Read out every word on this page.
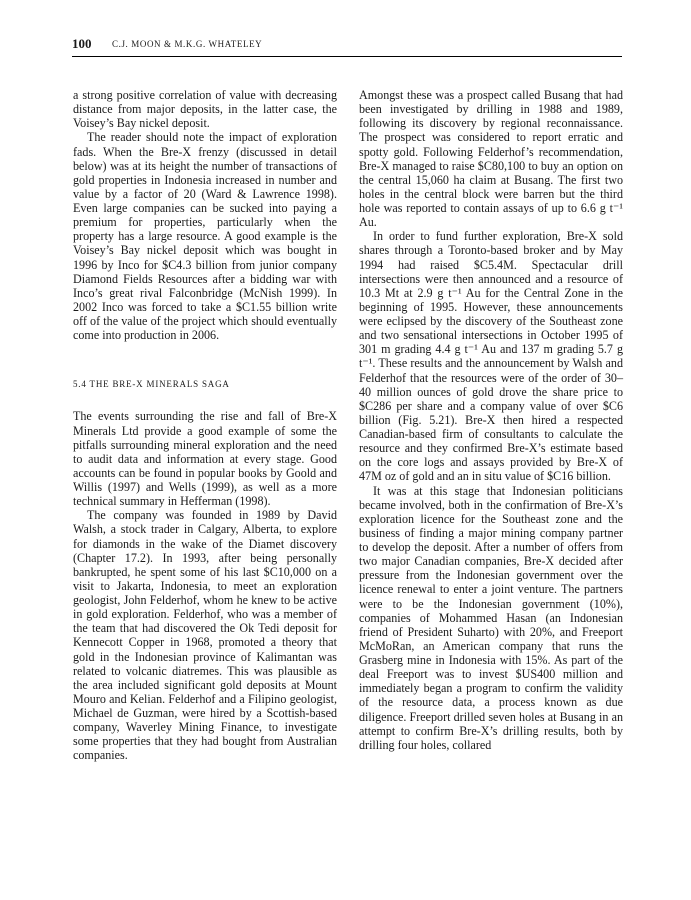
100 C.J. MOON & M.K.G. WHATELEY

a strong positive correlation of value with decreasing distance from major deposits, in the latter case, the Voisey’s Bay nickel deposit.

The reader should note the impact of exploration fads. When the Bre-X frenzy (discussed in detail below) was at its height the number of transactions of gold properties in Indonesia increased in number and value by a factor of 20 (Ward & Lawrence 1998). Even large companies can be sucked into paying a premium for properties, particularly when the property has a large resource. A good example is the Voisey’s Bay nickel deposit which was bought in 1996 by Inco for $C4.3 billion from junior company Diamond Fields Resources after a bidding war with Inco’s great rival Falconbridge (McNish 1999). In 2002 Inco was forced to take a $C1.55 billion write off of the value of the project which should eventually come into production in 2006.

5.4 THE BRE-X MINERALS SAGA

The events surrounding the rise and fall of Bre-X Minerals Ltd provide a good example of some the pitfalls surrounding mineral exploration and the need to audit data and information at every stage. Good accounts can be found in popular books by Goold and Willis (1997) and Wells (1999), as well as a more technical summary in Hefferman (1998).

The company was founded in 1989 by David Walsh, a stock trader in Calgary, Alberta, to explore for diamonds in the wake of the Diamet discovery (Chapter 17.2). In 1993, after being personally bankrupted, he spent some of his last $C10,000 on a visit to Jakarta, Indonesia, to meet an exploration geologist, John Felderhof, whom he knew to be active in gold exploration. Felderhof, who was a member of the team that had discovered the Ok Tedi deposit for Kennecott Copper in 1968, promoted a theory that gold in the Indonesian province of Kalimantan was related to volcanic diatremes. This was plausible as the area included significant gold deposits at Mount Mouro and Kelian. Felderhof and a Filipino geologist, Michael de Guzman, were hired by a Scottish-based company, Waverley Mining Finance, to investigate some properties that they had bought from Australian companies.

Amongst these was a prospect called Busang that had been investigated by drilling in 1988 and 1989, following its discovery by regional reconnaissance. The prospect was considered to report erratic and spotty gold. Following Felderhof’s recommendation, Bre-X managed to raise $C80,100 to buy an option on the central 15,060 ha claim at Busang. The first two holes in the central block were barren but the third hole was reported to contain assays of up to 6.6 g t⁻¹ Au.

In order to fund further exploration, Bre-X sold shares through a Toronto-based broker and by May 1994 had raised $C5.4M. Spectacular drill intersections were then announced and a resource of 10.3 Mt at 2.9 g t⁻¹ Au for the Central Zone in the beginning of 1995. However, these announcements were eclipsed by the discovery of the Southeast zone and two sensational intersections in October 1995 of 301 m grading 4.4 g t⁻¹ Au and 137 m grading 5.7 g t⁻¹. These results and the announcement by Walsh and Felderhof that the resources were of the order of 30–40 million ounces of gold drove the share price to $C286 per share and a company value of over $C6 billion (Fig. 5.21). Bre-X then hired a respected Canadian-based firm of consultants to calculate the resource and they confirmed Bre-X’s estimate based on the core logs and assays provided by Bre-X of 47M oz of gold and an in situ value of $C16 billion.

It was at this stage that Indonesian politicians became involved, both in the confirmation of Bre-X’s exploration licence for the Southeast zone and the business of finding a major mining company partner to develop the deposit. After a number of offers from two major Canadian companies, Bre-X decided after pressure from the Indonesian government over the licence renewal to enter a joint venture. The partners were to be the Indonesian government (10%), companies of Mohammed Hasan (an Indonesian friend of President Suharto) with 20%, and Freeport McMoRan, an American company that runs the Grasberg mine in Indonesia with 15%. As part of the deal Freeport was to invest $US400 million and immediately began a program to confirm the validity of the resource data, a process known as due diligence. Freeport drilled seven holes at Busang in an attempt to confirm Bre-X’s drilling results, both by drilling four holes, collared
